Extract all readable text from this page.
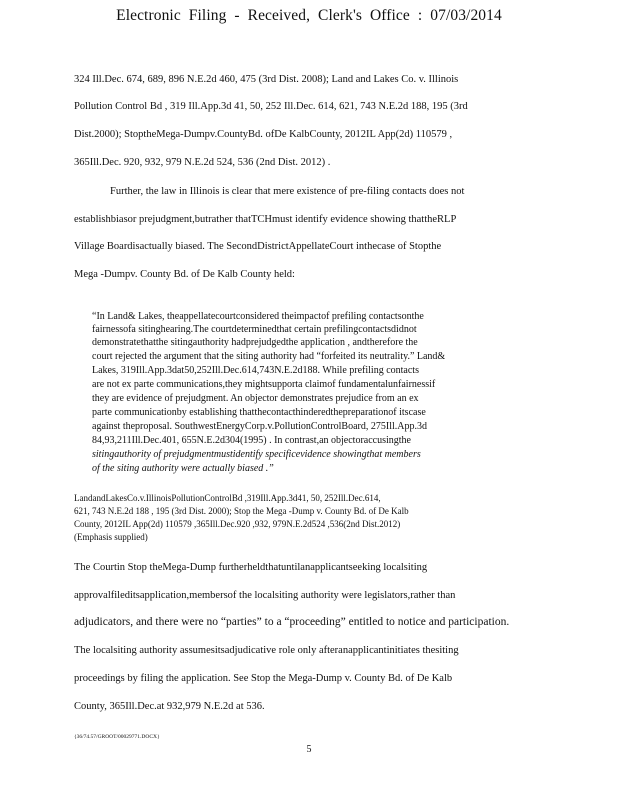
Electronic Filing - Received, Clerk's Office : 07/03/2014
324 Ill.Dec. 674, 689, 896 N.E.2d 460, 475 (3rd Dist. 2008); Land and Lakes Co. v. Illinois
Pollution Control Bd , 319 Ill.App.3d 41, 50, 252 Ill.Dec. 614, 621, 743 N.E.2d 188, 195 (3rd
Dist.2000); StoptheMega-Dumpv.CountyBd. ofDe KalbCounty, 2012IL App(2d) 110579 ,
365Ill.Dec. 920, 932, 979 N.E.2d 524, 536 (2nd Dist. 2012) .
Further, the law in Illinois is clear that mere existence of pre-filing contacts does not
establishbiasor prejudgment,butrather thatTCHmust identify evidence showing thattheRLP
Village Boardisactually biased. The SecondDistrictAppellateCourt inthecase of Stopthe
Mega -Dumpv. County Bd. of De Kalb County held:
“In Land& Lakes, theappellatecourtconsidered theimpactof prefiling contactsonthe
fairnessofa sitinghearing.The courtdeterminedthat certain prefilingcontactsdidnot
demonstratethatthe sitingauthority hadprejudgedthe application , andtherefore the
court rejected the argument that the siting authority had “forfeited its neutrality.” Land&
Lakes, 319Ill.App.3dat50,252Ill.Dec.614,743N.E.2d188. While prefiling contacts
are not ex parte communications,they mightsupporta claimof fundamentalunfairnessif
they are evidence of prejudgment. An objector demonstrates prejudice from an ex
parte communicationby establishing thatthecontacthinderedthepreparationof itscase
against theproposal. SouthwestEnergyCorp.v.PollutionControlBoard, 275Ill.App.3d
84,93,211Ill.Dec.401, 655N.E.2d304(1995) . In contrast,an objectoraccusingthe
sitingauthority of prejudgmentmustidentify specificevidence showingthat members
of the siting authority were actually biased .”
LandandLakesCo.v.IllinoisPollutionControlBd ,319Ill.App.3d41, 50, 252Ill.Dec.614,
621, 743 N.E.2d 188 , 195 (3rd Dist. 2000); Stop the Mega -Dump v. County Bd. of De Kalb
County, 2012IL App(2d) 110579 ,365Ill.Dec.920 ,932, 979N.E.2d524 ,536(2nd Dist.2012)
(Emphasis supplied)
The Courtin Stop theMega-Dump furtherheldthatuntilanapplicantseeking localsiting
approvalfileditsapplication,membersof the localsiting authority were legislators,rather than
adjudicators, and there were no “parties” to a “proceeding” entitled to notice and participation.
The localsiting authority assumesitsadjudicative role only afteranapplicantinitiates thesiting
proceedings by filing the application. See Stop the Mega-Dump v. County Bd. of De Kalb
County, 365Ill.Dec.at 932,979 N.E.2d at 536.
{36/74.57/GROOT/00029771.DOCX}
5
